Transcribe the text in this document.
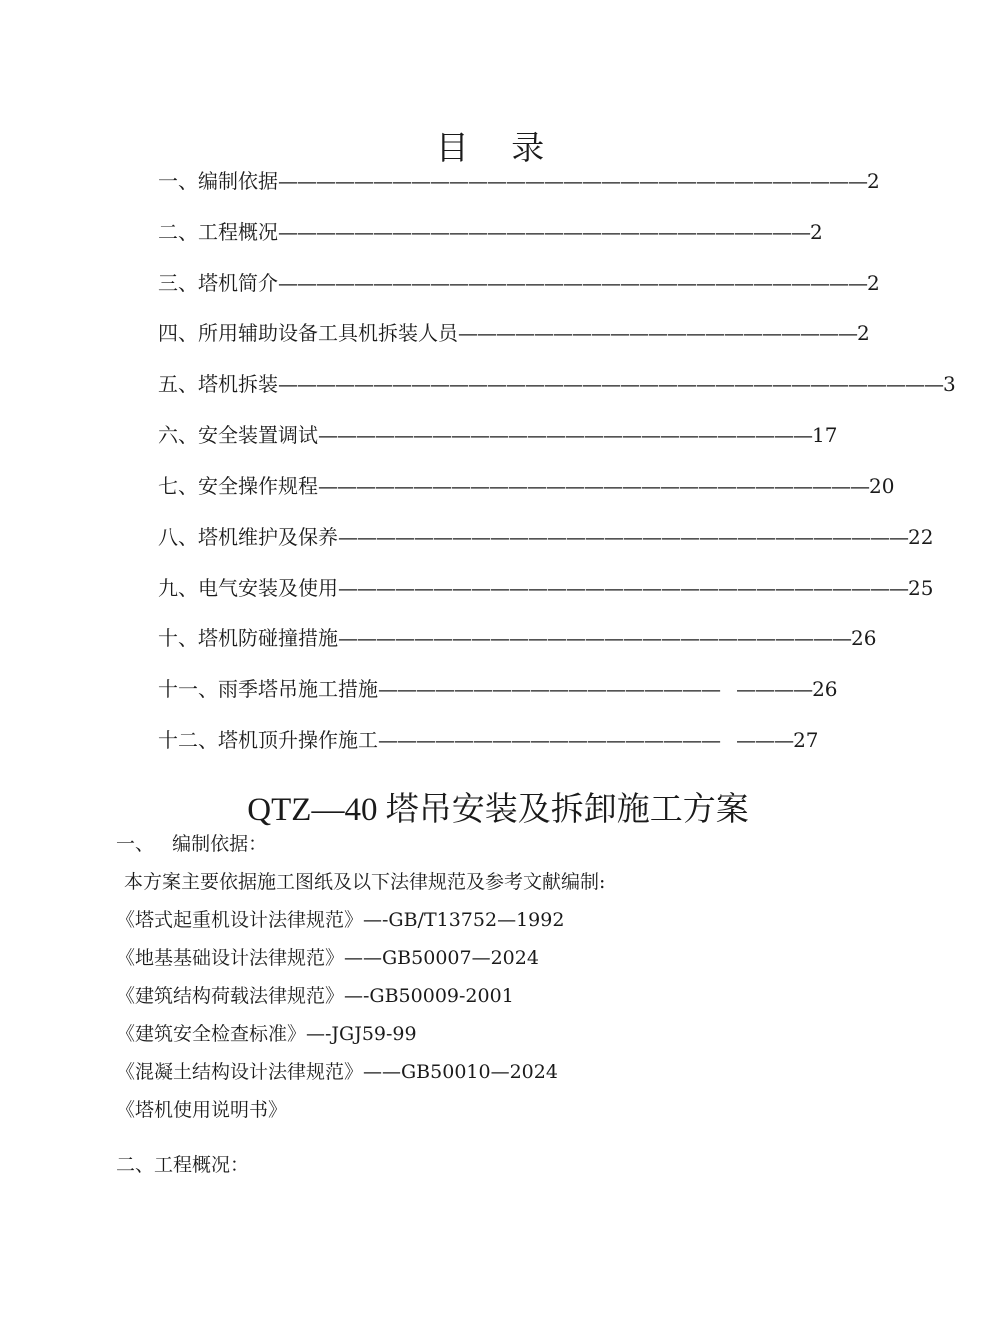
目 录
一、编制依据———————————————————————————————2
二、工程概况————————————————————————————2
三、塔机简介———————————————————————————————2
四、所用辅助设备工具机拆装人员—————————————————————2
五、塔机拆装———————————————————————————————————3
六、安全装置调试——————————————————————————17
七、安全操作规程—————————————————————————————20
八、塔机维护及保养——————————————————————————————22
九、电气安装及使用——————————————————————————————25
十、塔机防碰撞措施———————————————————————————26
十一、雨季塔吊施工措施——————————————————   ————26
十二、塔机顶升操作施工——————————————————   ———27
QTZ—40 塔吊安装及拆卸施工方案
一、   编制依据：
本方案主要依据施工图纸及以下法律规范及参考文献编制:
《塔式起重机设计法律规范》—-GB/T13752—1992
《地基基础设计法律规范》——GB50007—2024
《建筑结构荷载法律规范》—-GB50009-2001
《建筑安全检查标准》—-JGJ59-99
《混凝土结构设计法律规范》——GB50010—2024
《塔机使用说明书》
二、工程概况：
